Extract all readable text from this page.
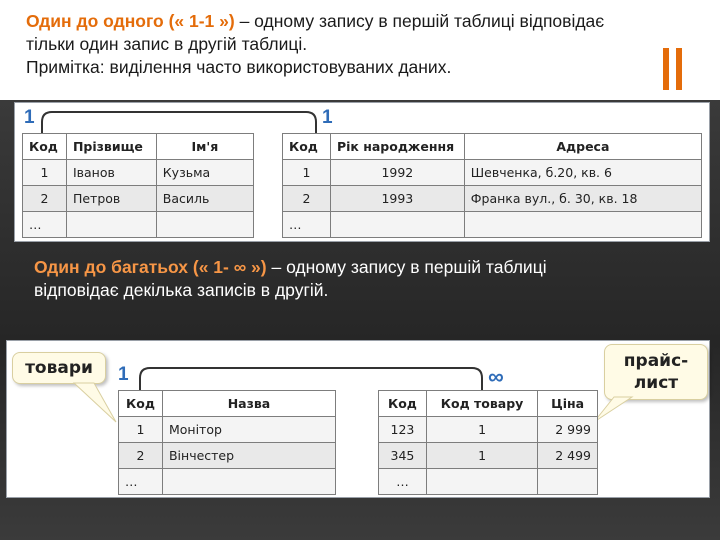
Один до одного (« 1-1 ») – одному запису в першій таблиці відповідає
тільки один запис в другій таблиці.
Примітка: виділення часто використовуваних даних.
1	1
Код	Прізвище	Ім'я
1	Іванов	Кузьма
2	Петров	Василь
…		
Код	Рік народження	Адреса
1	1992	Шевченка, б.20, кв. 6
2	1993	Франка вул., б. 30, кв. 18
…		
Один до багатьох (« 1- ∞ ») – одному запису в першій таблиці
відповідає декілька записів в другій.
1	∞
товари	прайс-
лист
Код	Назва
1	Монітор
2	Вінчестер
…	
Код	Код товару	Ціна
123	1	2 999
345	1	2 499
…		
